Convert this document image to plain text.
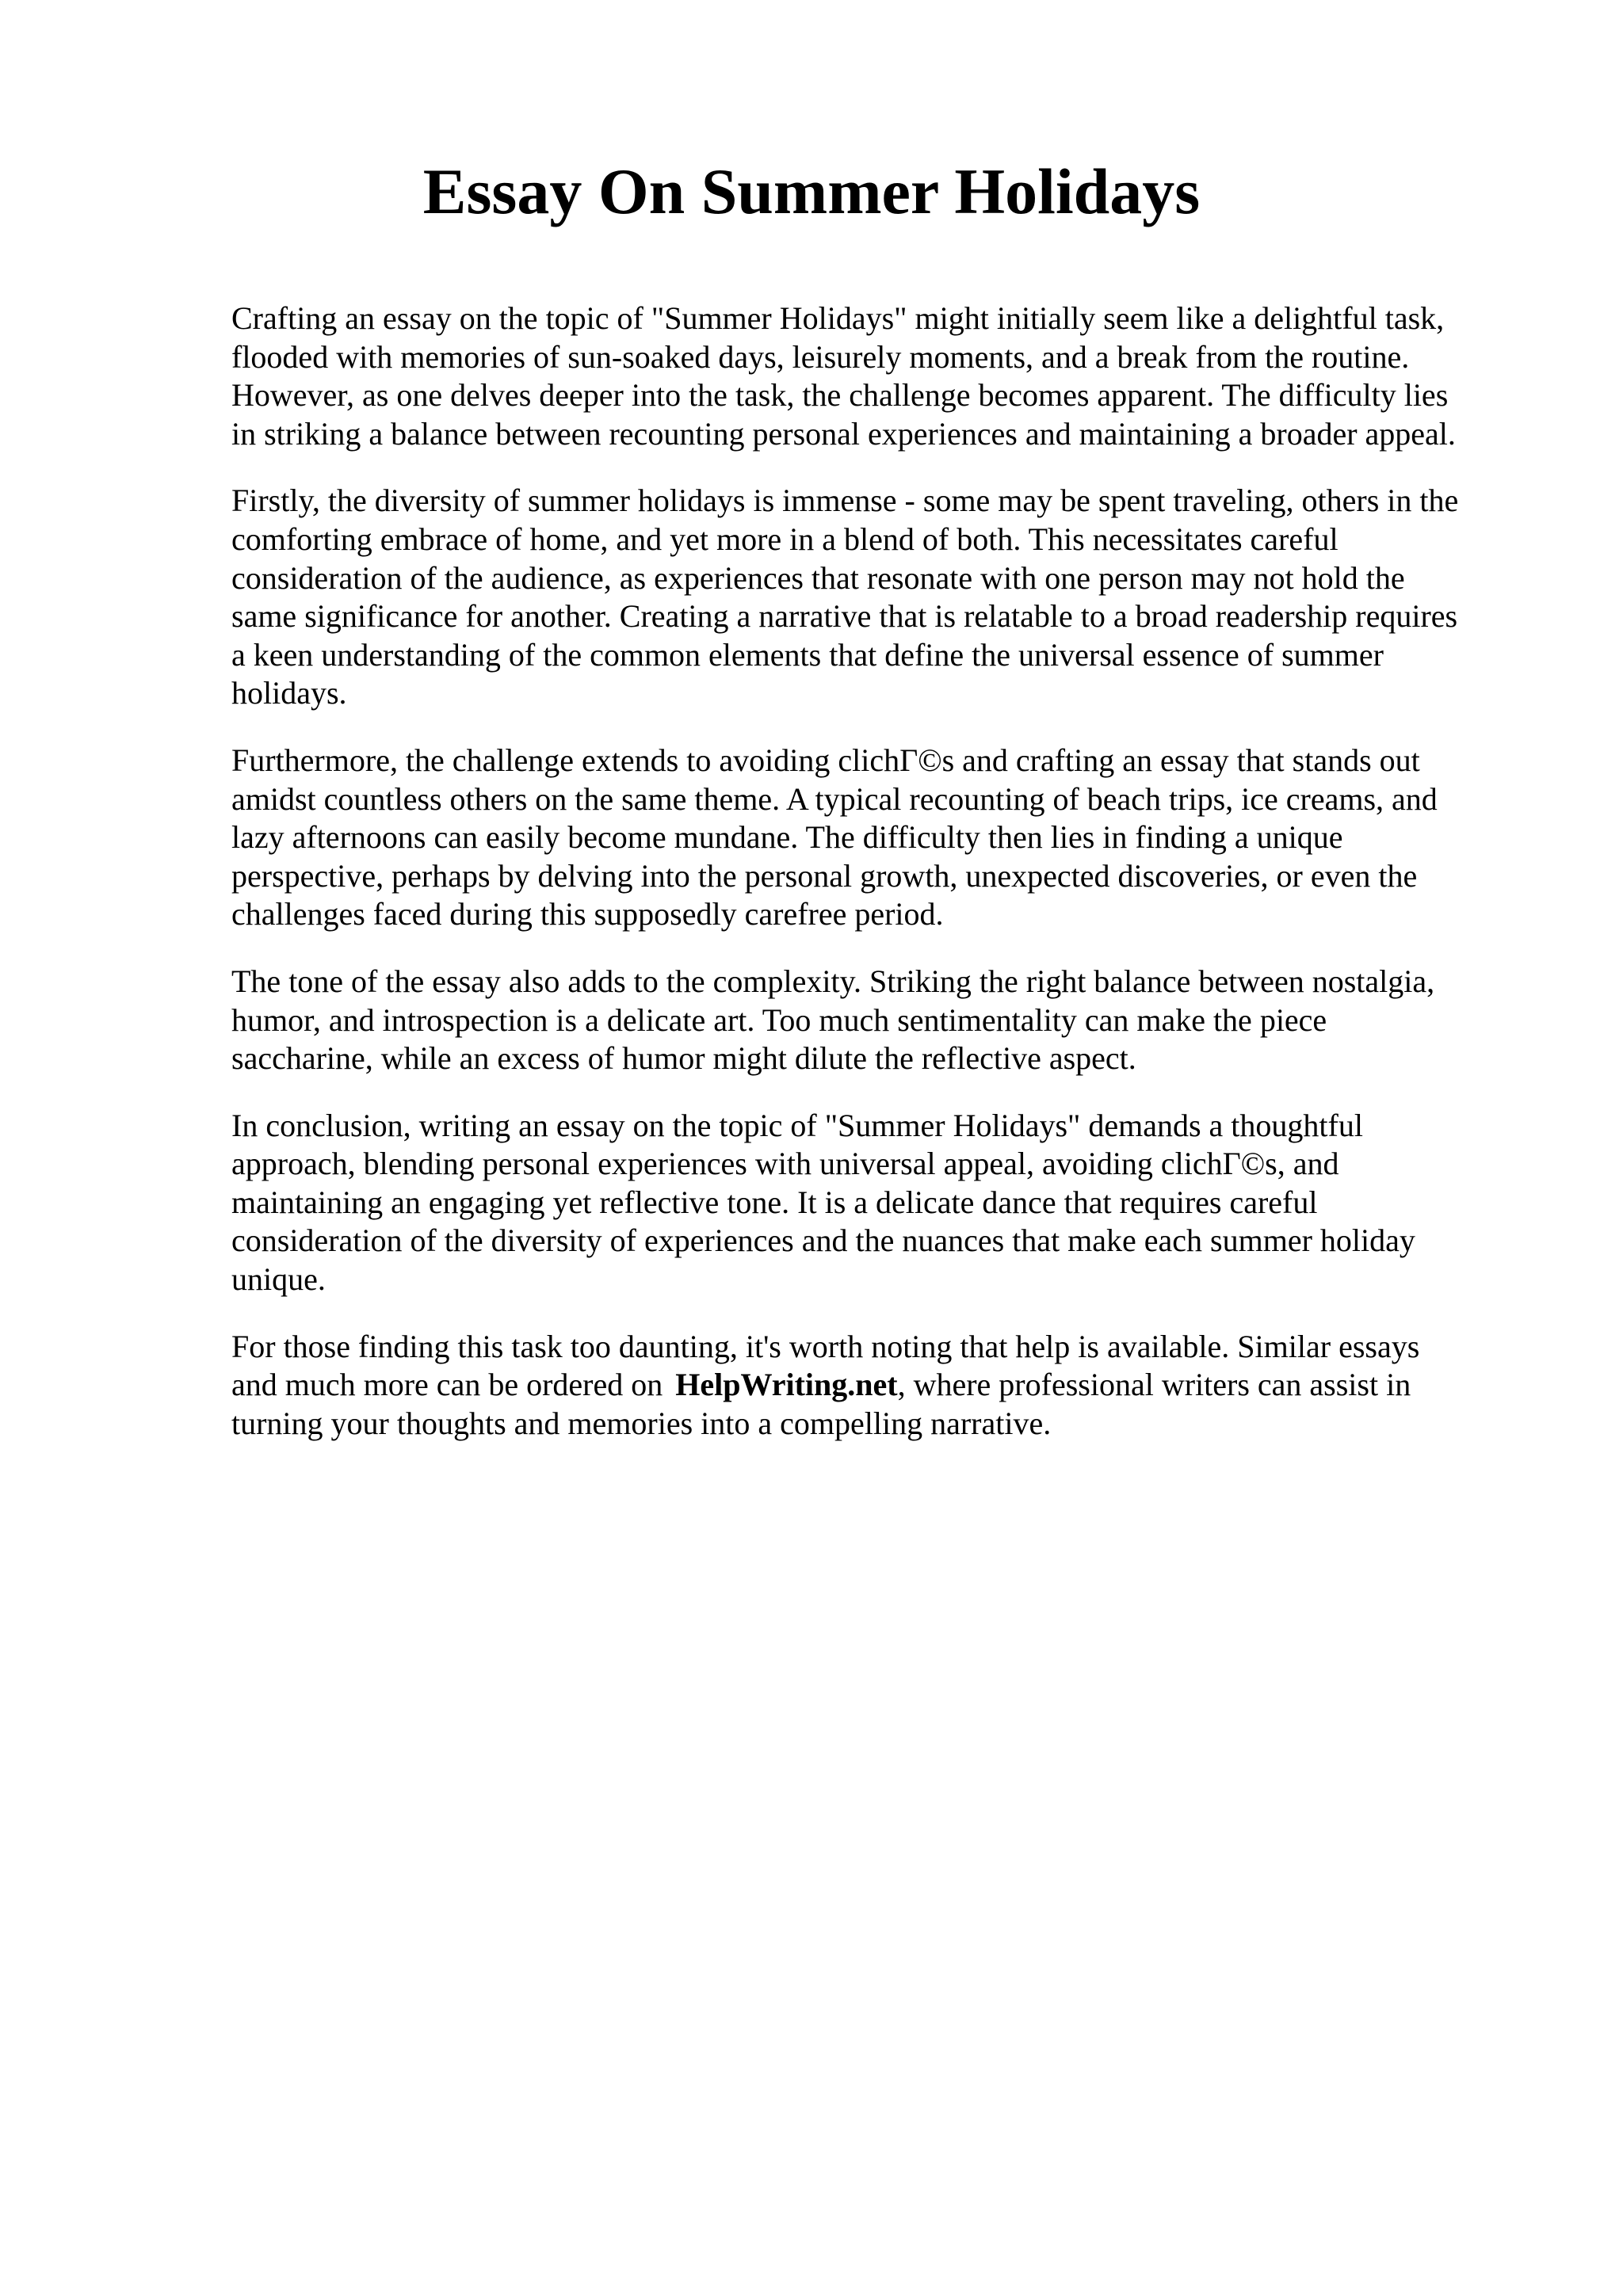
Essay On Summer Holidays

Crafting an essay on the topic of "Summer Holidays" might initially seem like a delightful task,
flooded with memories of sun-soaked days, leisurely moments, and a break from the routine.
However, as one delves deeper into the task, the challenge becomes apparent. The difficulty lies
in striking a balance between recounting personal experiences and maintaining a broader appeal.

Firstly, the diversity of summer holidays is immense - some may be spent traveling, others in the
comforting embrace of home, and yet more in a blend of both. This necessitates careful
consideration of the audience, as experiences that resonate with one person may not hold the
same significance for another. Creating a narrative that is relatable to a broad readership requires
a keen understanding of the common elements that define the universal essence of summer
holidays.

Furthermore, the challenge extends to avoiding clichΓ©s and crafting an essay that stands out
amidst countless others on the same theme. A typical recounting of beach trips, ice creams, and
lazy afternoons can easily become mundane. The difficulty then lies in finding a unique
perspective, perhaps by delving into the personal growth, unexpected discoveries, or even the
challenges faced during this supposedly carefree period.

The tone of the essay also adds to the complexity. Striking the right balance between nostalgia,
humor, and introspection is a delicate art. Too much sentimentality can make the piece
saccharine, while an excess of humor might dilute the reflective aspect.

In conclusion, writing an essay on the topic of "Summer Holidays" demands a thoughtful
approach, blending personal experiences with universal appeal, avoiding clichΓ©s, and
maintaining an engaging yet reflective tone. It is a delicate dance that requires careful
consideration of the diversity of experiences and the nuances that make each summer holiday
unique.

For those finding this task too daunting, it's worth noting that help is available. Similar essays
and much more can be ordered on HelpWriting.net, where professional writers can assist in
turning your thoughts and memories into a compelling narrative.
